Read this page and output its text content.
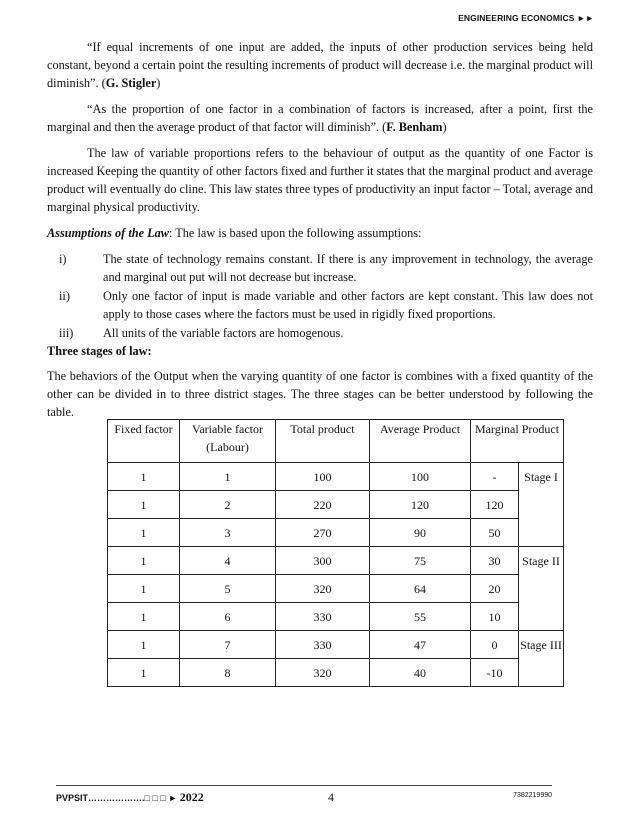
ENGINEERING ECONOMICS ►►

“If equal increments of one input are added, the inputs of other production services being held constant, beyond a certain point the resulting increments of product will decrease i.e. the marginal product will diminish”. (G. Stigler)

“As the proportion of one factor in a combination of factors is increased, after a point, first the marginal and then the average product of that factor will diminish”. (F. Benham)

The law of variable proportions refers to the behaviour of output as the quantity of one Factor is increased Keeping the quantity of other factors fixed and further it states that the marginal product and average product will eventually do cline. This law states three types of productivity an input factor – Total, average and marginal physical productivity.

Assumptions of the Law: The law is based upon the following assumptions:

i)	The state of technology remains constant. If there is any improvement in technology, the average and marginal out put will not decrease but increase.
ii)	Only one factor of input is made variable and other factors are kept constant. This law does not apply to those cases where the factors must be used in rigidly fixed proportions.
iii)	All units of the variable factors are homogenous.
Three stages of law:

The behaviors of the Output when the varying quantity of one factor is combines with a fixed quantity of the other can be divided in to three district stages. The three stages can be better understood by following the table.

Fixed factor	Variable factor (Labour)	Total product	Average Product	Marginal Product	
1	1	100	100	-	Stage I
1	2	220	120	120	
1	3	270	90	50	
1	4	300	75	30	Stage II
1	5	320	64	20	
1	6	330	55	10	
1	7	330	47	0	Stage III
1	8	320	40	-10	
PVPSIT……………….□ □ □ ► 2022	4	7382219990
